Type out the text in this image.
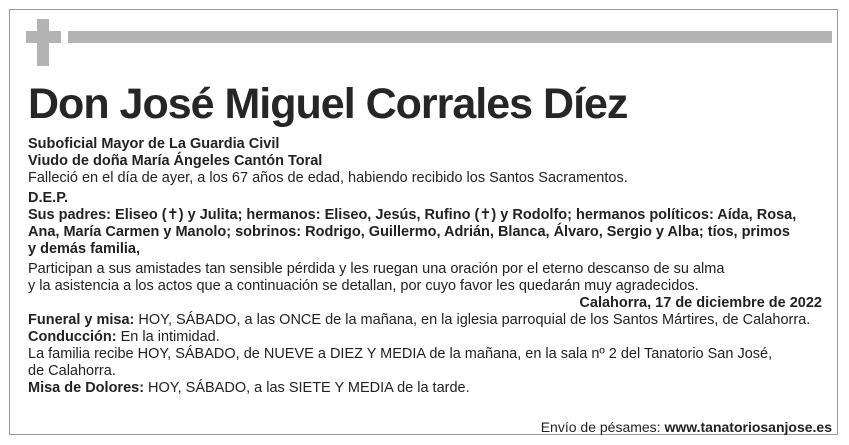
Don José Miguel Corrales Díez

Suboficial Mayor de La Guardia Civil

Viudo de doña María Ángeles Cantón Toral

Falleció en el día de ayer, a los 67 años de edad, habiendo recibido los Santos Sacramentos.

D.E.P.

Sus padres: Eliseo (✝) y Julita; hermanos: Eliseo, Jesús, Rufino (✝) y Rodolfo; hermanos políticos: Aída, Rosa,

Ana, María Carmen y Manolo; sobrinos: Rodrigo, Guillermo, Adrián, Blanca, Álvaro, Sergio y Alba; tíos, primos

y demás familia,

Participan a sus amistades tan sensible pérdida y les ruegan una oración por el eterno descanso de su alma

y la asistencia a los actos que a continuación se detallan, por cuyo favor les quedarán muy agradecidos.

Calahorra, 17 de diciembre de 2022

Funeral y misa: HOY, SÁBADO, a las ONCE de la mañana, en la iglesia parroquial de los Santos Mártires, de Calahorra.

Conducción: En la intimidad.

La familia recibe HOY, SÁBADO, de NUEVE a DIEZ Y MEDIA de la mañana, en la sala nº 2 del Tanatorio San José,

de Calahorra.

Misa de Dolores: HOY, SÁBADO, a las SIETE Y MEDIA de la tarde.

Envío de pésames: www.tanatoriosanjose.es
